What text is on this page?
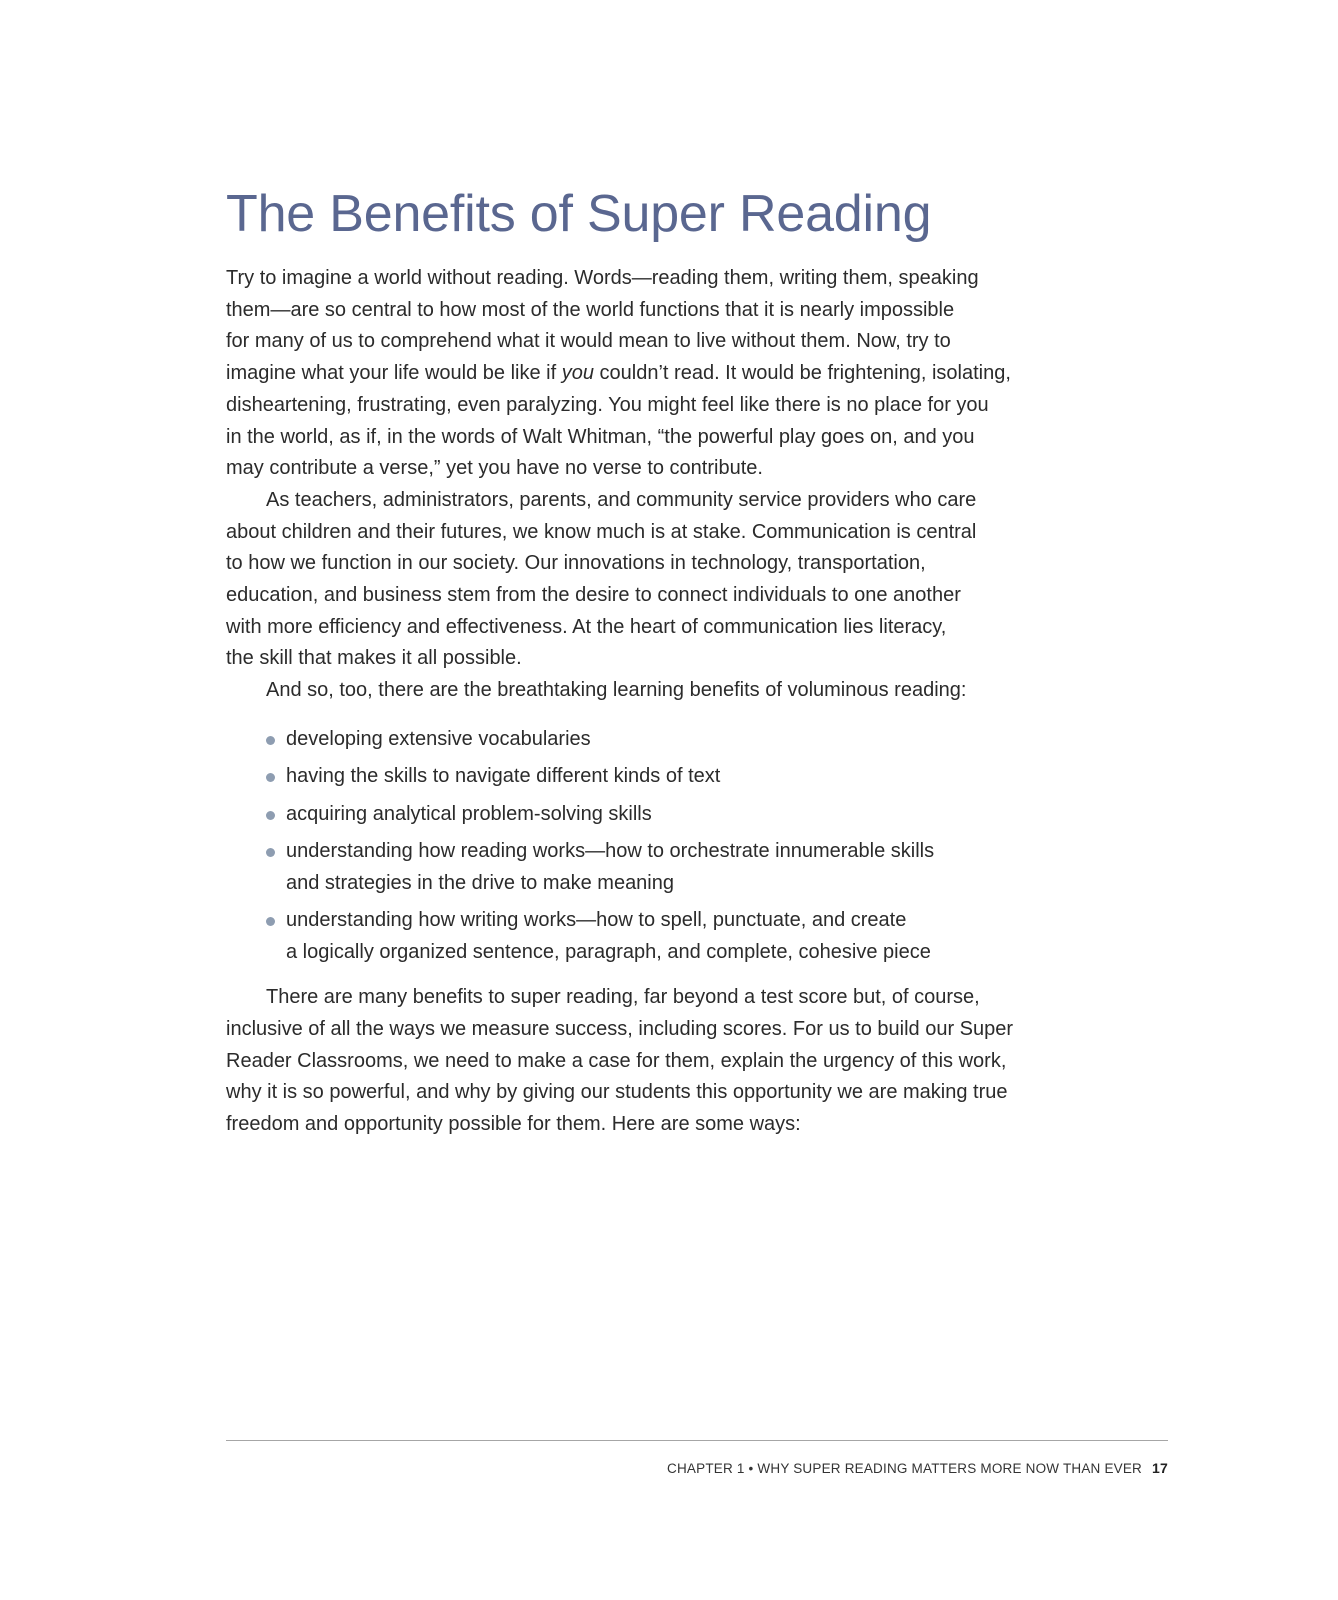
The Benefits of Super Reading

Try to imagine a world without reading. Words—reading them, writing them, speaking
them—are so central to how most of the world functions that it is nearly impossible
for many of us to comprehend what it would mean to live without them. Now, try to
imagine what your life would be like if you couldn’t read. It would be frightening, isolating,
disheartening, frustrating, even paralyzing. You might feel like there is no place for you
in the world, as if, in the words of Walt Whitman, “the powerful play goes on, and you
may contribute a verse,” yet you have no verse to contribute.

As teachers, administrators, parents, and community service providers who care
about children and their futures, we know much is at stake. Communication is central
to how we function in our society. Our innovations in technology, transportation,
education, and business stem from the desire to connect individuals to one another
with more efficiency and effectiveness. At the heart of communication lies literacy,
the skill that makes it all possible.

And so, too, there are the breathtaking learning benefits of voluminous reading:

developing extensive vocabularies
having the skills to navigate different kinds of text
acquiring analytical problem-solving skills
understanding how reading works—how to orchestrate innumerable skills
and strategies in the drive to make meaning
understanding how writing works—how to spell, punctuate, and create
a logically organized sentence, paragraph, and complete, cohesive piece

There are many benefits to super reading, far beyond a test score but, of course,
inclusive of all the ways we measure success, including scores. For us to build our Super
Reader Classrooms, we need to make a case for them, explain the urgency of this work,
why it is so powerful, and why by giving our students this opportunity we are making true
freedom and opportunity possible for them. Here are some ways:

CHAPTER 1 • WHY SUPER READING MATTERS MORE NOW THAN EVER 17
